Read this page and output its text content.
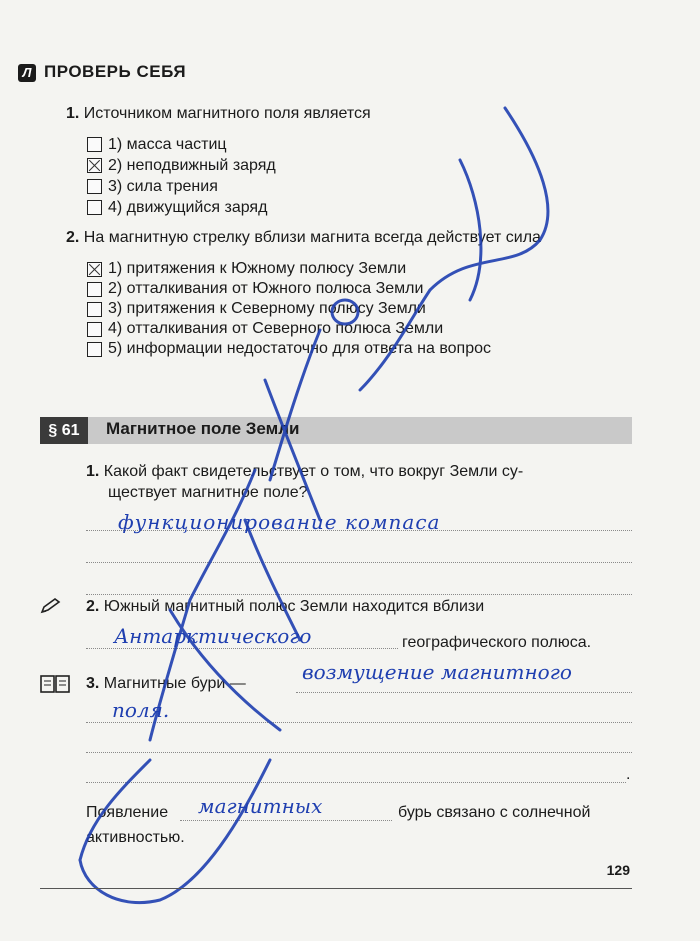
Л ПРОВЕРЬ СЕБЯ
1. Источником магнитного поля является
1) масса частиц
2) неподвижный заряд
3) сила трения
4) движущийся заряд
2. На магнитную стрелку вблизи магнита всегда действует сила
1) притяжения к Южному полюсу Земли
2) отталкивания от Южного полюса Земли
3) притяжения к Северному полюсу Земли
4) отталкивания от Северного полюса Земли
5) информации недостаточно для ответа на вопрос
§ 61	Магнитное поле Земли
1. Какой факт свидетельствует о том, что вокруг Земли су-
ществует магнитное поле?
функционирование компаса
2. Южный магнитный полюс Земли находится вблизи
Антарктического	географического полюса.
3. Магнитные бури —	возмущение магнитного
поля.
.
Появление магнитных	бурь связано с солнечной
активностью.
129
